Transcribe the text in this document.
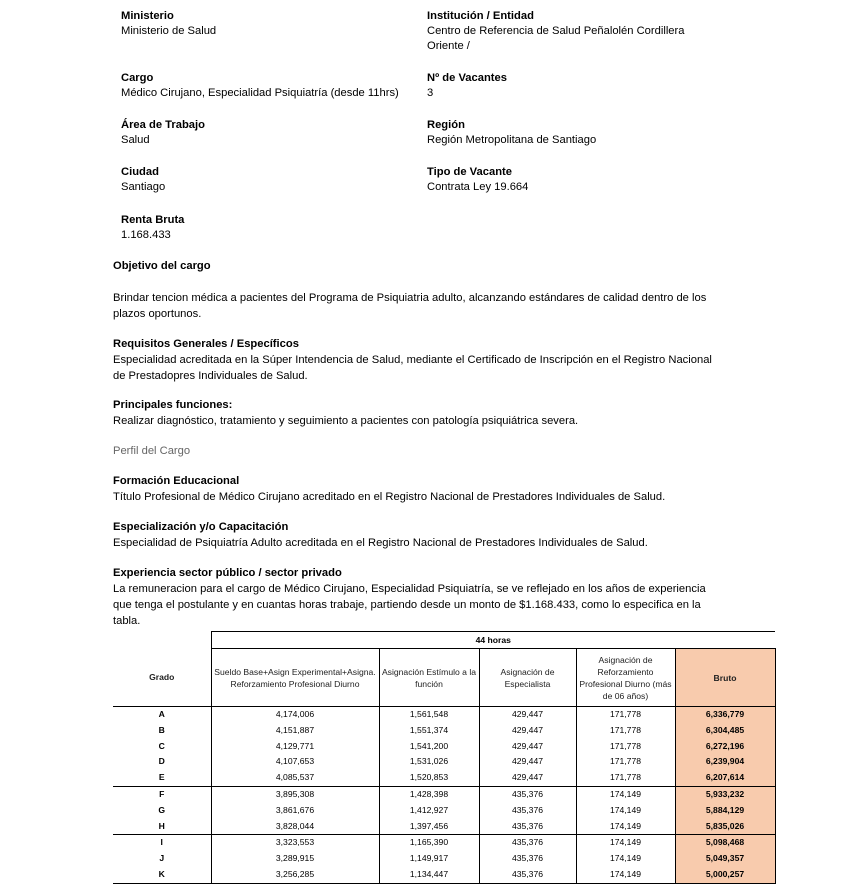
Ministerio
Ministerio de Salud
Institución / Entidad
Centro de Referencia de Salud Peñalolén Cordillera
Oriente /
Cargo
Médico Cirujano, Especialidad Psiquiatría (desde 11hrs)
Nº de Vacantes
3
Área de Trabajo
Salud
Región
Región Metropolitana de Santiago
Ciudad
Santiago
Tipo de Vacante
Contrata Ley 19.664
Renta Bruta
1.168.433
Objetivo del cargo
Brindar tencion médica a pacientes del Programa de Psiquiatria adulto, alcanzando estándares de calidad dentro de los plazos oportunos.
Requisitos Generales / Específicos
Especialidad acreditada en la Súper Intendencia de Salud, mediante el Certificado de Inscripción en el Registro Nacional de Prestadopres Individuales de Salud.
Principales funciones:
Realizar diagnóstico, tratamiento y seguimiento a pacientes con patología psiquiátrica severa.
Perfil del Cargo
Formación Educacional
Título Profesional de Médico Cirujano acreditado en el Registro Nacional de Prestadores Individuales de Salud.
Especialización y/o Capacitación
Especialidad de Psiquiatría Adulto acreditada en el Registro Nacional de Prestadores Individuales de Salud.
Experiencia sector público / sector privado
La remuneracion para el cargo de Médico Cirujano, Especialidad Psiquiatría, se ve reflejado en los años de experiencia que tenga el postulante y en cuantas horas trabaje, partiendo desde un monto de $1.168.433, como lo especifica en la tabla.
	44 horas				
Grado	Sueldo Base+Asign Experimental+Asigna. Reforzamiento Profesional Diurno	Asignación Estímulo a la función	Asignación de Especialista	Asignación de Reforzamiento Profesional Diurno (más de 06 años)	Bruto
A	4,174,006	1,561,548	429,447	171,778	6,336,779
B	4,151,887	1,551,374	429,447	171,778	6,304,485
C	4,129,771	1,541,200	429,447	171,778	6,272,196
D	4,107,653	1,531,026	429,447	171,778	6,239,904
E	4,085,537	1,520,853	429,447	171,778	6,207,614
F	3,895,308	1,428,398	435,376	174,149	5,933,232
G	3,861,676	1,412,927	435,376	174,149	5,884,129
H	3,828,044	1,397,456	435,376	174,149	5,835,026
I	3,323,553	1,165,390	435,376	174,149	5,098,468
J	3,289,915	1,149,917	435,376	174,149	5,049,357
K	3,256,285	1,134,447	435,376	174,149	5,000,257
